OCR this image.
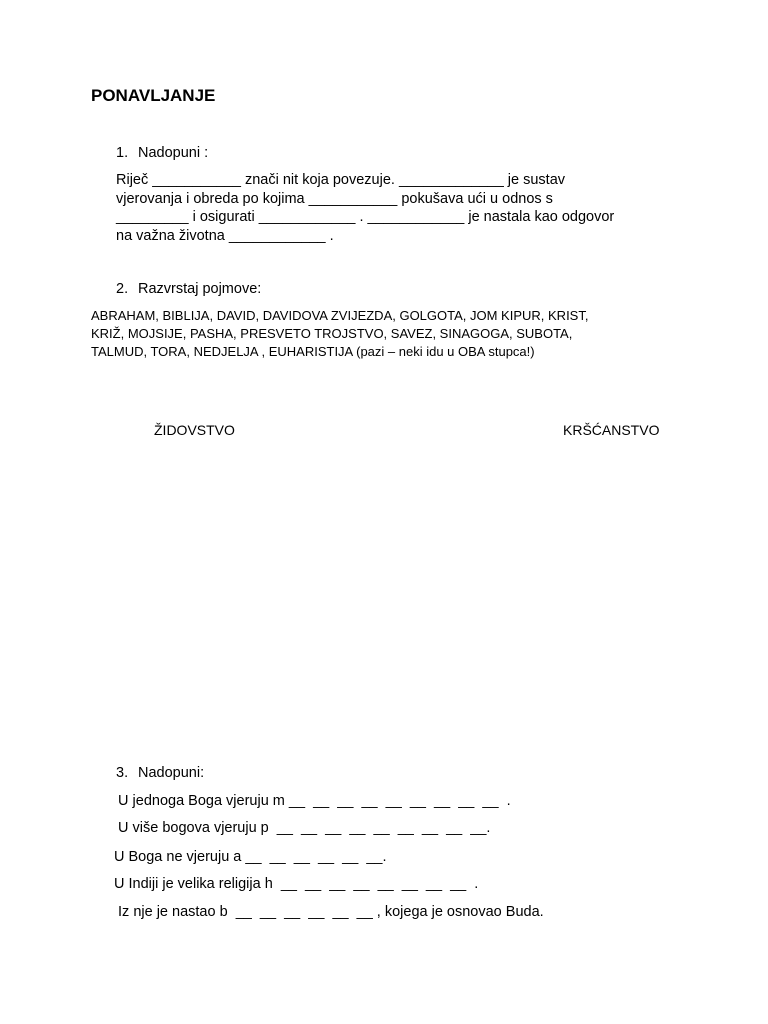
PONAVLJANJE

1. Nadopuni :

Riječ ___________ znači nit koja povezuje. _____________ je sustav
vjerovanja i obreda po kojima ___________ pokušava ući u odnos s
_________ i osigurati ____________ . ____________ je nastala kao odgovor
na važna životna ____________ .

2. Razvrstaj pojmove:

ABRAHAM, BIBLIJA, DAVID, DAVIDOVA ZVIJEZDA, GOLGOTA, JOM KIPUR, KRIST,
KRIŽ, MOJSIJE, PASHA, PRESVETO TROJSTVO, SAVEZ, SINAGOGA, SUBOTA,
TALMUD, TORA, NEDJELJA , EUHARISTIJA (pazi – neki idu u OBA stupca!)

ŽIDOVSTVO	KRŠĆANSTVO

3. Nadopuni:

U jednoga Boga vjeruju m __  __  __  __  __  __  __  __  __  .

U više bogova vjeruju p  __  __  __  __  __  __  __  __  __.

U Boga ne vjeruju a __  __  __  __  __  __.

U Indiji je velika religija h  __  __  __  __  __  __  __  __  .

Iz nje je nastao b  __  __  __  __  __  __ , kojega je osnovao Buda.
